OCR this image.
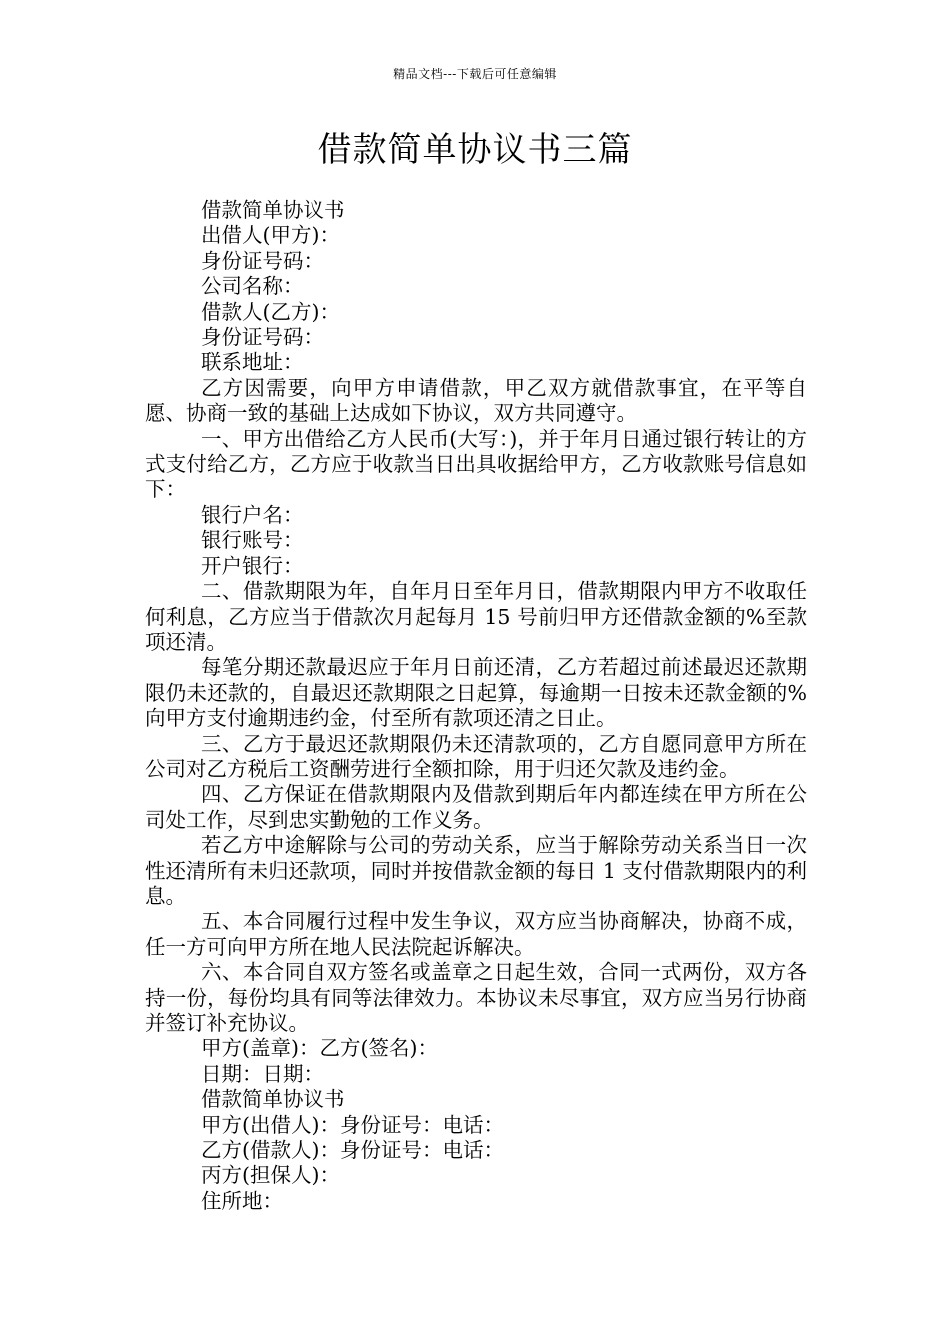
精品文档---下载后可任意编辑
借款简单协议书三篇

借款简单协议书

出借人(甲方)：

身份证号码：

公司名称：

借款人(乙方)：

身份证号码：

联系地址：

乙方因需要，向甲方申请借款，甲乙双方就借款事宜，在平等自愿、协商一致的基础上达成如下协议，双方共同遵守。

一、甲方出借给乙方人民币(大写：)，并于年月日通过银行转让的方式支付给乙方，乙方应于收款当日出具收据给甲方，乙方收款账号信息如下：

银行户名：

银行账号：

开户银行：

二、借款期限为年，自年月日至年月日，借款期限内甲方不收取任何利息，乙方应当于借款次月起每月 15 号前归甲方还借款金额的%至款项还清。

每笔分期还款最迟应于年月日前还清，乙方若超过前述最迟还款期限仍未还款的，自最迟还款期限之日起算，每逾期一日按未还款金额的%向甲方支付逾期违约金，付至所有款项还清之日止。

三、乙方于最迟还款期限仍未还清款项的，乙方自愿同意甲方所在公司对乙方税后工资酬劳进行全额扣除，用于归还欠款及违约金。

四、乙方保证在借款期限内及借款到期后年内都连续在甲方所在公司处工作，尽到忠实勤勉的工作义务。

若乙方中途解除与公司的劳动关系，应当于解除劳动关系当日一次性还清所有未归还款项，同时并按借款金额的每日 1 支付借款期限内的利息。

五、本合同履行过程中发生争议，双方应当协商解决，协商不成，任一方可向甲方所在地人民法院起诉解决。

六、本合同自双方签名或盖章之日起生效，合同一式两份，双方各持一份，每份均具有同等法律效力。本协议未尽事宜，双方应当另行协商并签订补充协议。

甲方(盖章)：乙方(签名)：

日期：日期：

借款简单协议书

甲方(出借人)：身份证号：电话：

乙方(借款人)：身份证号：电话：

丙方(担保人)：

住所地：
